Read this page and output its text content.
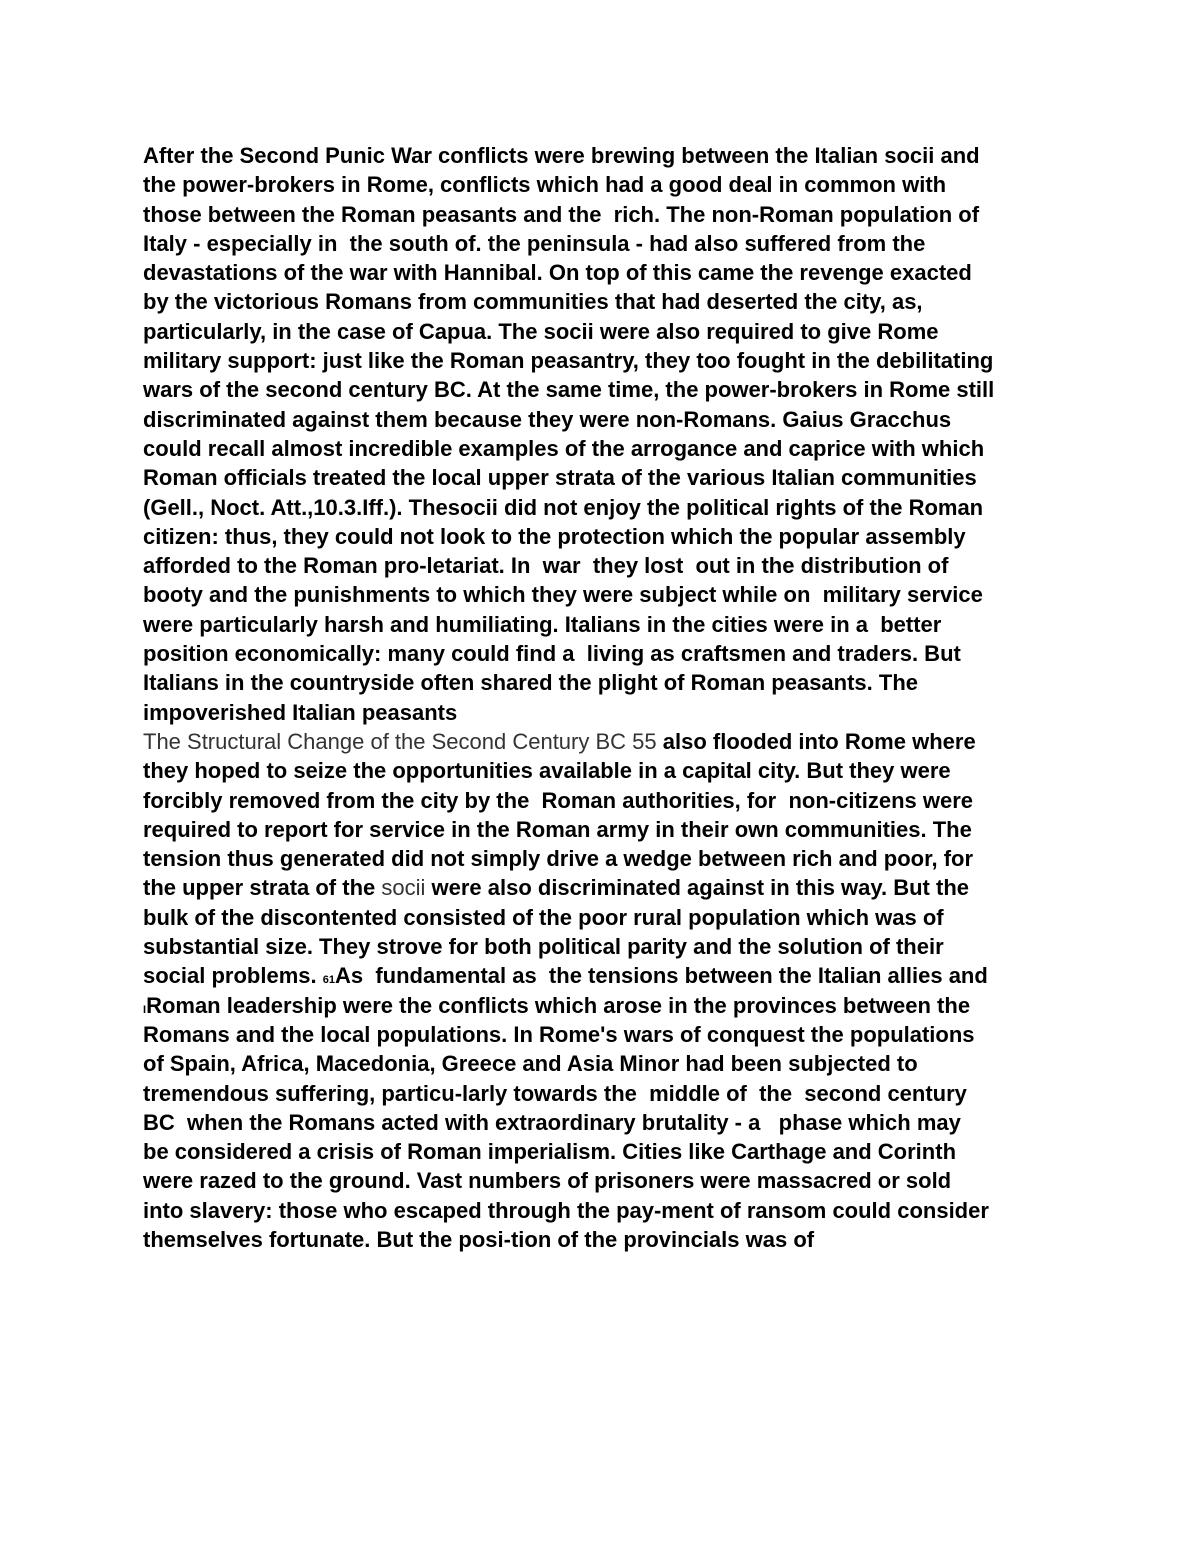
After the Second Punic War conflicts were brewing between the Italian socii and
the power-brokers in Rome, conflicts which had a good deal in common with
those between the Roman peasants and the  rich. The non-Roman population of
Italy - especially in  the south of. the peninsula - had also suffered from the
devastations of the war with Hannibal. On top of this came the revenge exacted
by the victorious Romans from communities that had deserted the city, as,
particularly, in the case of Capua. The socii were also required to give Rome
military support: just like the Roman peasantry, they too fought in the debilitating
wars of the second century BC. At the same time, the power-brokers in Rome still
discriminated against them because they were non-Romans. Gaius Gracchus
could recall almost incredible examples of the arrogance and caprice with which
Roman officials treated the local upper strata of the various Italian communities
(Gell., Noct. Att.,10.3.Iff.). Thesocii did not enjoy the political rights of the Roman
citizen: thus, they could not look to the protection which the popular assembly
afforded to the Roman pro-letariat. In  war  they lost  out in the distribution of
booty and the punishments to which they were subject while on  military service
were particularly harsh and humiliating. Italians in the cities were in a  better
position economically: many could find a  living as craftsmen and traders. But
Italians in the countryside often shared the plight of Roman peasants. The
impoverished Italian peasants
The Structural Change of the Second Century BC 55 also flooded into Rome where
they hoped to seize the opportunities available in a capital city. But they were
forcibly removed from the city by the  Roman authorities, for  non-citizens were
required to report for service in the Roman army in their own communities. The
tension thus generated did not simply drive a wedge between rich and poor, for
the upper strata of the socii were also discriminated against in this way. But the
bulk of the discontented consisted of the poor rural population which was of
substantial size. They strove for both political parity and the solution of their
social problems. 61As  fundamental as  the tensions between the Italian allies and
IRoman leadership were the conflicts which arose in the provinces between the
Romans and the local populations. In Rome's wars of conquest the populations
of Spain, Africa, Macedonia, Greece and Asia Minor had been subjected to
tremendous suffering, particu-larly towards the  middle of  the  second century
BC  when the Romans acted with extraordinary brutality - a   phase which may
be considered a crisis of Roman imperialism. Cities like Carthage and Corinth
were razed to the ground. Vast numbers of prisoners were massacred or sold
into slavery: those who escaped through the pay-ment of ransom could consider
themselves fortunate. But the posi-tion of the provincials was of
